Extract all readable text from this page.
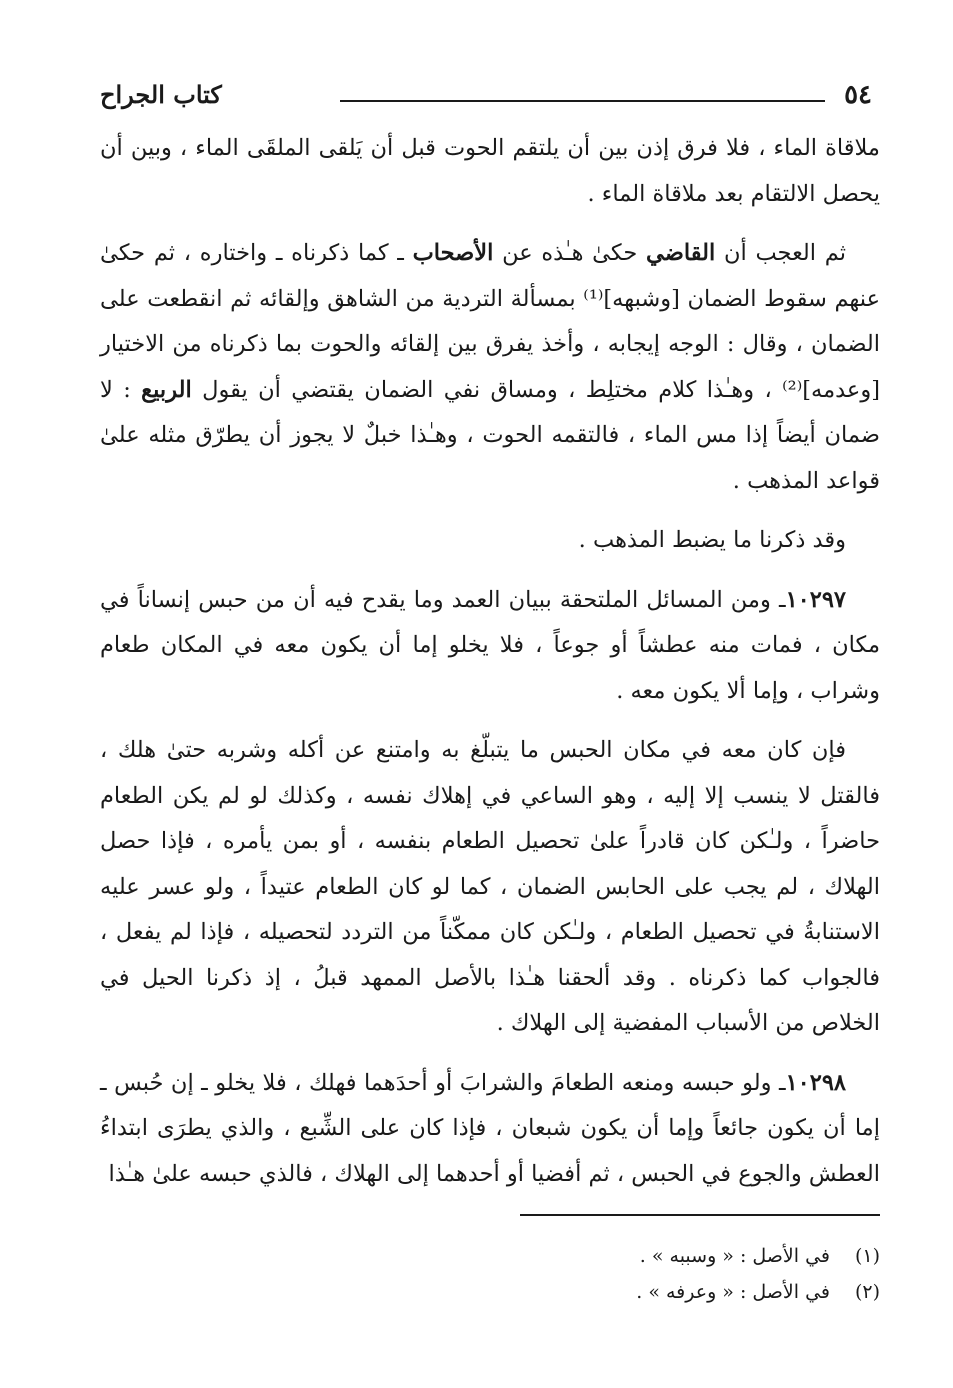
كتاب الجراح	٥٤

ملاقاة الماء ، فلا فرق إذن بين أن يلتقم الحوت قبل أن يَلقى الملقَى الماء ، وبين أن يحصل الالتقام بعد ملاقاة الماء .

ثم العجب أن القاضي حكىٰ هـٰذه عن الأصحاب ـ كما ذكرناه ـ واختاره ، ثم حكىٰ عنهم سقوط الضمان [وشبهه]⁽¹⁾ بمسألة التردية من الشاهق وإلقائه ثم انقطعت على الضمان ، وقال : الوجه إيجابه ، وأخذ يفرق بين إلقائه والحوت بما ذكرناه من الاختيار [وعدمه]⁽²⁾ ، وهـٰذا كلام مختلِط ، ومساق نفي الضمان يقتضي أن يقول الربيع : لا ضمان أيضاً إذا مس الماء ، فالتقمه الحوت ، وهـٰذا خبلٌ لا يجوز أن يطرّق مثله علىٰ قواعد المذهب .

وقد ذكرنا ما يضبط المذهب .

١٠٢٩٧ـ ومن المسائل الملتحقة ببيان العمد وما يقدح فيه أن من حبس إنساناً في مكان ، فمات منه عطشاً أو جوعاً ، فلا يخلو إما أن يكون معه في المكان طعام وشراب ، وإما ألا يكون معه .

فإن كان معه في مكان الحبس ما يتبلّغ به وامتنع عن أكله وشربه حتىٰ هلك ، فالقتل لا ينسب إلا إليه ، وهو الساعي في إهلاك نفسه ، وكذلك لو لم يكن الطعام حاضراً ، ولـٰكن كان قادراً علىٰ تحصيل الطعام بنفسه ، أو بمن يأمره ، فإذا حصل الهلاك ، لم يجب على الحابس الضمان ، كما لو كان الطعام عتيداً ، ولو عسر عليه الاستنابةُ في تحصيل الطعام ، ولـٰكن كان ممكّناً من التردد لتحصيله ، فإذا لم يفعل ، فالجواب كما ذكرناه . وقد ألحقنا هـٰذا بالأصل الممهد قبلُ ، إذ ذكرنا الحيل في الخلاص من الأسباب المفضية إلى الهلاك .

١٠٢٩٨ـ ولو حبسه ومنعه الطعامَ والشرابَ أو أحدَهما فهلك ، فلا يخلو ـ إن حُبس ـ إما أن يكون جائعاً وإما أن يكون شبعان ، فإذا كان على الشِّبع ، والذي يطرَى ابتداءُ العطش والجوع في الحبس ، ثم أفضيا أو أحدهما إلى الهلاك ، فالذي حبسه علىٰ هـٰذا

(١)
في الأصل : « وسببه » .
(٢)
في الأصل : « وعرفه » .
